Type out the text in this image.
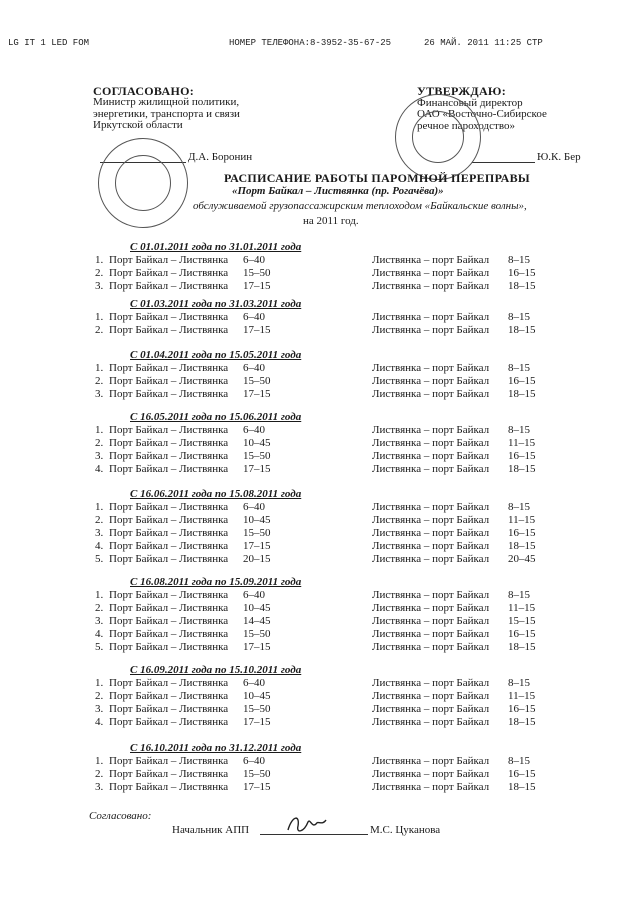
LG IT 1 LED FOM	НОМЕР ТЕЛЕФОНА:8-3952-35-67-25	26 МАЙ. 2011 11:25 СТР
СОГЛАСОВАНО:
Министр жилищной политики,
энергетики, транспорта и связи
Иркутской области
Д.А. Боронин
УТВЕРЖДАЮ:
Финансовый директор
ОАО «Восточно-Сибирское
речное пароходство»
Ю.К. Бер
РАСПИСАНИЕ РАБОТЫ ПАРОМНОЙ ПЕРЕПРАВЫ
«Порт Байкал – Листвянка (пр. Рогачёва)»
обслуживаемой грузопассажирским теплоходом «Байкальские волны»,
на 2011 год.
С 01.01.2011 года по 31.01.2011 года
1. Порт Байкал – Листвянка 6–40	Листвянка – порт Байкал 8–15
2. Порт Байкал – Листвянка 15–50	Листвянка – порт Байкал 16–15
3. Порт Байкал – Листвянка 17–15	Листвянка – порт Байкал 18–15
С 01.03.2011 года по 31.03.2011 года
1. Порт Байкал – Листвянка 6–40	Листвянка – порт Байкал 8–15
2. Порт Байкал – Листвянка 17–15	Листвянка – порт Байкал 18–15
С 01.04.2011 года по 15.05.2011 года
1. Порт Байкал – Листвянка 6–40	Листвянка – порт Байкал 8–15
2. Порт Байкал – Листвянка 15–50	Листвянка – порт Байкал 16–15
3. Порт Байкал – Листвянка 17–15	Листвянка – порт Байкал 18–15
С 16.05.2011 года по 15.06.2011 года
1. Порт Байкал – Листвянка 6–40	Листвянка – порт Байкал 8–15
2. Порт Байкал – Листвянка 10–45	Листвянка – порт Байкал 11–15
3. Порт Байкал – Листвянка 15–50	Листвянка – порт Байкал 16–15
4. Порт Байкал – Листвянка 17–15	Листвянка – порт Байкал 18–15
С 16.06.2011 года по 15.08.2011 года
1. Порт Байкал – Листвянка 6–40	Листвянка – порт Байкал 8–15
2. Порт Байкал – Листвянка 10–45	Листвянка – порт Байкал 11–15
3. Порт Байкал – Листвянка 15–50	Листвянка – порт Байкал 16–15
4. Порт Байкал – Листвянка 17–15	Листвянка – порт Байкал 18–15
5. Порт Байкал – Листвянка 20–15	Листвянка – порт Байкал 20–45
С 16.08.2011 года по 15.09.2011 года
1. Порт Байкал – Листвянка 6–40	Листвянка – порт Байкал 8–15
2. Порт Байкал – Листвянка 10–45	Листвянка – порт Байкал 11–15
3. Порт Байкал – Листвянка 14–45	Листвянка – порт Байкал 15–15
4. Порт Байкал – Листвянка 15–50	Листвянка – порт Байкал 16–15
5. Порт Байкал – Листвянка 17–15	Листвянка – порт Байкал 18–15
С 16.09.2011 года по 15.10.2011 года
1. Порт Байкал – Листвянка 6–40	Листвянка – порт Байкал 8–15
2. Порт Байкал – Листвянка 10–45	Листвянка – порт Байкал 11–15
3. Порт Байкал – Листвянка 15–50	Листвянка – порт Байкал 16–15
4. Порт Байкал – Листвянка 17–15	Листвянка – порт Байкал 18–15
С 16.10.2011 года по 31.12.2011 года
1. Порт Байкал – Листвянка 6–40	Листвянка – порт Байкал 8–15
2. Порт Байкал – Листвянка 15–50	Листвянка – порт Байкал 16–15
3. Порт Байкал – Листвянка 17–15	Листвянка – порт Байкал 18–15
Согласовано:
Начальник АПП	М.С. Цуканова
